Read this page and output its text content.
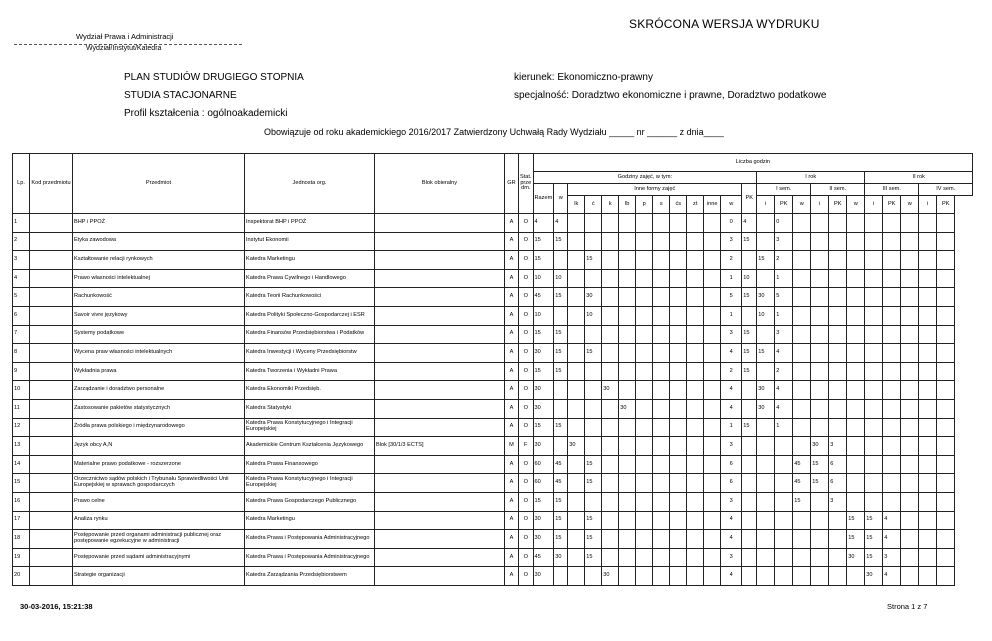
Wydział Prawa i Administracji
Wydział/Instytut/Katedra
SKRÓCONA WERSJA WYDRUKU
PLAN STUDIÓW DRUGIEGO STOPNIA
STUDIA STACJONARNE
Profil kształcenia : ogólnoakademicki
kierunek: Ekonomiczno-prawny
specjalność: Doradztwo ekonomiczne i prawne, Doradztwo podatkowe
Obowiązuje od roku akademickiego 2016/2017 Zatwierdzony Uchwałą Rady Wydziału _____ nr ______ z dnia____
Lp.	Kod przedmiotu	Przedmiot	Jednosta org.	Blok obieralny	GR	Stat. prze dm.	Liczba godzin																							
							Godziny zajęć, w tym:													I rok						II rok				
							Razem	w	Inne formy zajęć										PK	I sem.			II sem.			III sem.			IV sem.	
									lk	ć	k	lb	p	s	ćs	zt	inne	w		i	PK	w	i	PK	w	i	PK	w	i	PK
1		BHP i PPOŻ	Inspektorat BHP i PPOŻ		A	O	4	4										0	4		0									
2		Etyka zawodowa	Instytut Ekonomii		A	O	15	15										3	15		3									
3		Kształtowanie relacji rynkowych	Katedra Marketingu		A	O	15			15								2		15	2									
4		Prawo własności intelektualnej	Katedra Prawa Cywilnego i Handlowego		A	O	10	10										1	10		1									
5		Rachunkowość	Katedra Teorii Rachunkowości		A	O	45	15		30								5	15	30	5									
6		Savoir vivre językowy	Katedra Polityki Społeczno-Gospodarczej i ESR		A	O	10			10								1		10	1									
7		Systemy podatkowe	Katedra Finansów Przedsiębiorstwa i Podatków		A	O	15	15										3	15		3									
8		Wycena praw własności intelektualnych	Katedra Inwestycji i Wyceny Przedsiębiorstw		A	O	30	15		15								4	15	15	4									
9		Wykładnia prawa	Katedra Tworzenia i Wykładni Prawa		A	O	15	15										2	15		2									
10		Zarządzanie i doradztwo personalne	Katedra Ekonomiki Przedsięb.		A	O	30				30							4		30	4									
11		Zastosowanie pakietów statystycznych	Katedra Statystyki		A	O	30					30						4		30	4									
12		Źródła prawa polskiego i międzynarodowego	Katedra Prawa Konstytucyjnego i Integracji Europejskiej		A	O	15	15										1	15		1									
13		Język obcy A,N	Akademickie Centrum Kształcenia Językowego	Blok [30/1/3 ECTS]	M	F	30		30									3					30	3						
14		Materialne prawo podatkowe - rozszerzone	Katedra Prawa Finansowego		A	O	60	45		15								6				45	15	6						
15		Orzecznictwo sądów polskich i Trybunału Sprawiedliwości Unii Europejskiej w sprawach gospodarczych	Katedra Prawa Konstytucyjnego i Integracji Europejskiej		A	O	60	45		15								6				45	15	6						
16		Prawo celne	Katedra Prawa Gospodarczego Publicznego		A	O	15	15										3				15		3						
17		Analiza rynku	Katedra Marketingu		A	O	30	15		15								4							15	15	4			
18		Postępowanie przed organami administracji publicznej oraz postępowanie egzekucyjne w administracji	Katedra Prawa i Postępowania Administracyjnego		A	O	30	15		15								4							15	15	4			
19		Postępowanie przed sądami administracyjnymi	Katedra Prawa i Postępowania Administracyjnego		A	O	45	30		15								3							30	15	3			
20		Strategie organizacji	Katedra Zarządzania Przedsiębiorstwem		A	O	30				30							4								30	4			
30-03-2016, 15:21:38	Strona 1 z 7
